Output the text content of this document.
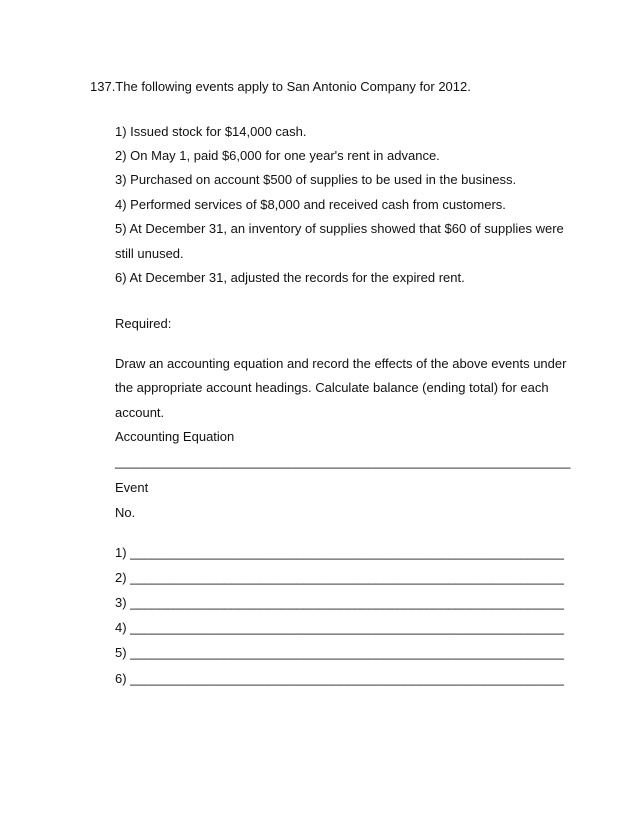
137.The following events apply to San Antonio Company for 2012.
1) Issued stock for $14,000 cash.
2) On May 1, paid $6,000 for one year's rent in advance.
3) Purchased on account $500 of supplies to be used in the business.
4) Performed services of $8,000 and received cash from customers.
5) At December 31, an inventory of supplies showed that $60 of supplies were
still unused.
6) At December 31, adjusted the records for the expired rent.
Required:
Draw an accounting equation and record the effects of the above events under
the appropriate account headings. Calculate balance (ending total) for each
account.
Accounting Equation
_______________________________________________________________
Event
No.
1) ____________________________________________________________
2) ____________________________________________________________
3) ____________________________________________________________
4) ____________________________________________________________
5) ____________________________________________________________
6) ____________________________________________________________
